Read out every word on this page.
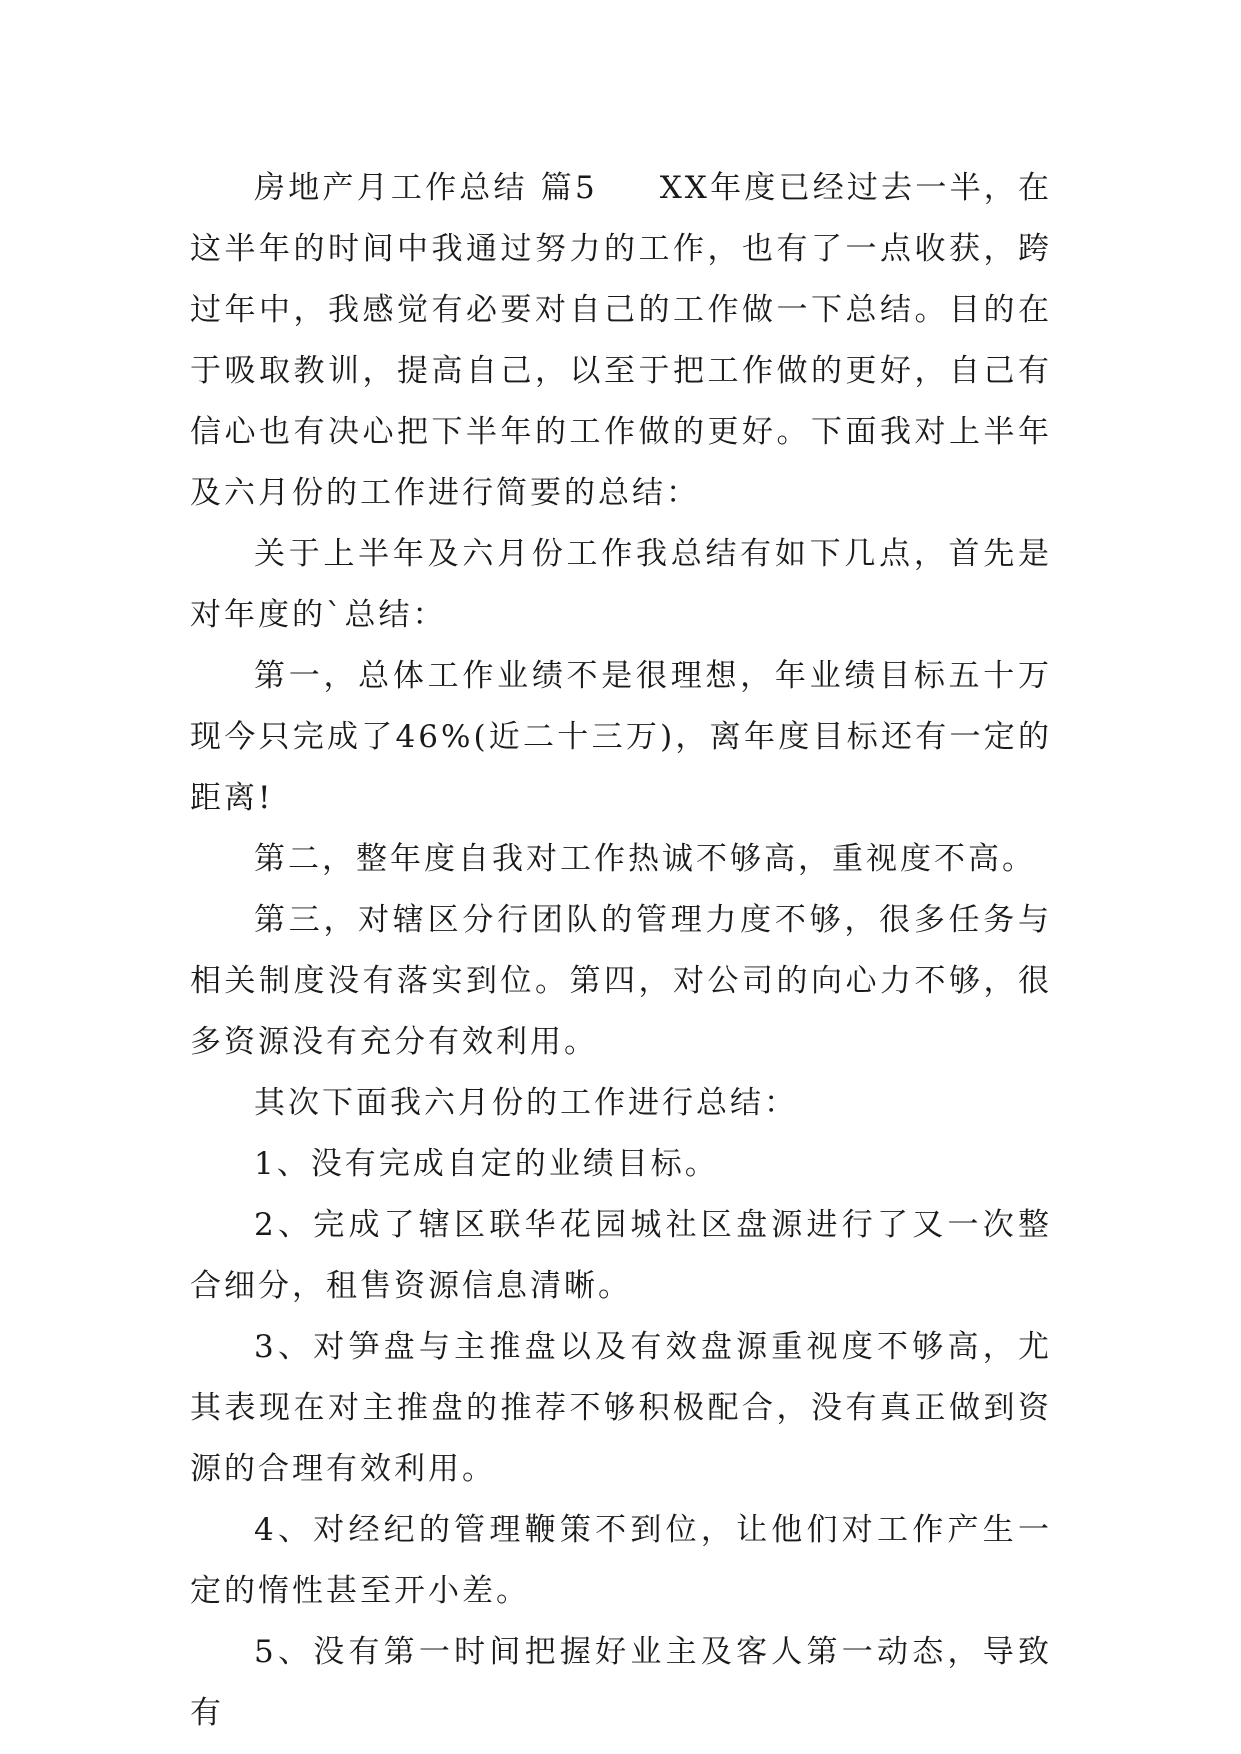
房地产月工作总结 篇5 XX年度已经过去一半，在这半年的时间中我通过努力的工作，也有了一点收获，跨过年中，我感觉有必要对自己的工作做一下总结。目的在于吸取教训，提高自己，以至于把工作做的更好，自己有信心也有决心把下半年的工作做的更好。下面我对上半年及六月份的工作进行简要的总结：

关于上半年及六月份工作我总结有如下几点，首先是对年度的`总结：

第一，总体工作业绩不是很理想，年业绩目标五十万现今只完成了46%(近二十三万)，离年度目标还有一定的距离!

第二，整年度自我对工作热诚不够高，重视度不高。

第三，对辖区分行团队的管理力度不够，很多任务与相关制度没有落实到位。第四，对公司的向心力不够，很多资源没有充分有效利用。

其次下面我六月份的工作进行总结：

1、没有完成自定的业绩目标。

2、完成了辖区联华花园城社区盘源进行了又一次整合细分，租售资源信息清晰。

3、对笋盘与主推盘以及有效盘源重视度不够高，尤其表现在对主推盘的推荐不够积极配合，没有真正做到资源的合理有效利用。

4、对经纪的管理鞭策不到位，让他们对工作产生一定的惰性甚至开小差。

5、没有第一时间把握好业主及客人第一动态，导致有
